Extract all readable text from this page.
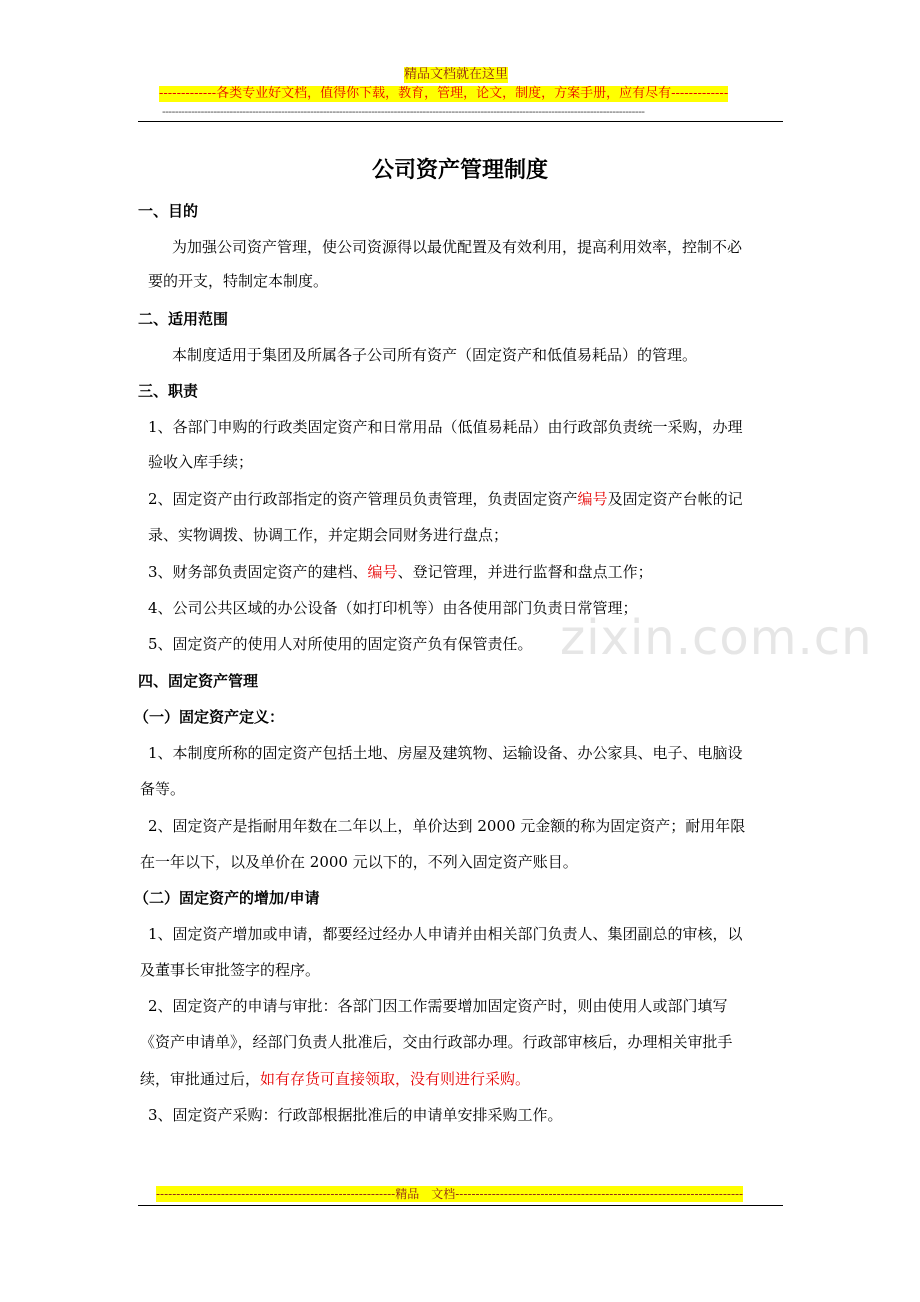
精品文档就在这里
-------------各类专业好文档，值得你下载，教育，管理，论文，制度，方案手册，应有尽有-------------
------------------------------------------------------------------------------------------------------------------------------------------------------
zixin.com.cn
公司资产管理制度
一、目的
为加强公司资产管理，使公司资源得以最优配置及有效利用，提高利用效率，控制不必
要的开支，特制定本制度。
二、适用范围
本制度适用于集团及所属各子公司所有资产（固定资产和低值易耗品）的管理。
三、职责
1、各部门申购的行政类固定资产和日常用品（低值易耗品）由行政部负责统一采购，办理
验收入库手续；
2、固定资产由行政部指定的资产管理员负责管理，负责固定资产编号及固定资产台帐的记
录、实物调拨、协调工作，并定期会同财务进行盘点；
3、财务部负责固定资产的建档、编号、登记管理，并进行监督和盘点工作；
4、公司公共区域的办公设备（如打印机等）由各使用部门负责日常管理；
5、固定资产的使用人对所使用的固定资产负有保管责任。
四、固定资产管理
（一）固定资产定义：
1、本制度所称的固定资产包括土地、房屋及建筑物、运输设备、办公家具、电子、电脑设
备等。
2、固定资产是指耐用年数在二年以上，单价达到 2000 元金额的称为固定资产；耐用年限
在一年以下，以及单价在 2000 元以下的，不列入固定资产账目。
（二）固定资产的增加/申请
1、固定资产增加或申请，都要经过经办人申请并由相关部门负责人、集团副总的审核，以
及董事长审批签字的程序。
2、固定资产的申请与审批：各部门因工作需要增加固定资产时，则由使用人或部门填写
《资产申请单》，经部门负责人批准后，交由行政部办理。行政部审核后，办理相关审批手
续，审批通过后，如有存货可直接领取，没有则进行采购。
3、固定资产采购：行政部根据批准后的申请单安排采购工作。
-----------------------------------------------------------精品　文档-----------------------------------------------------------------------
